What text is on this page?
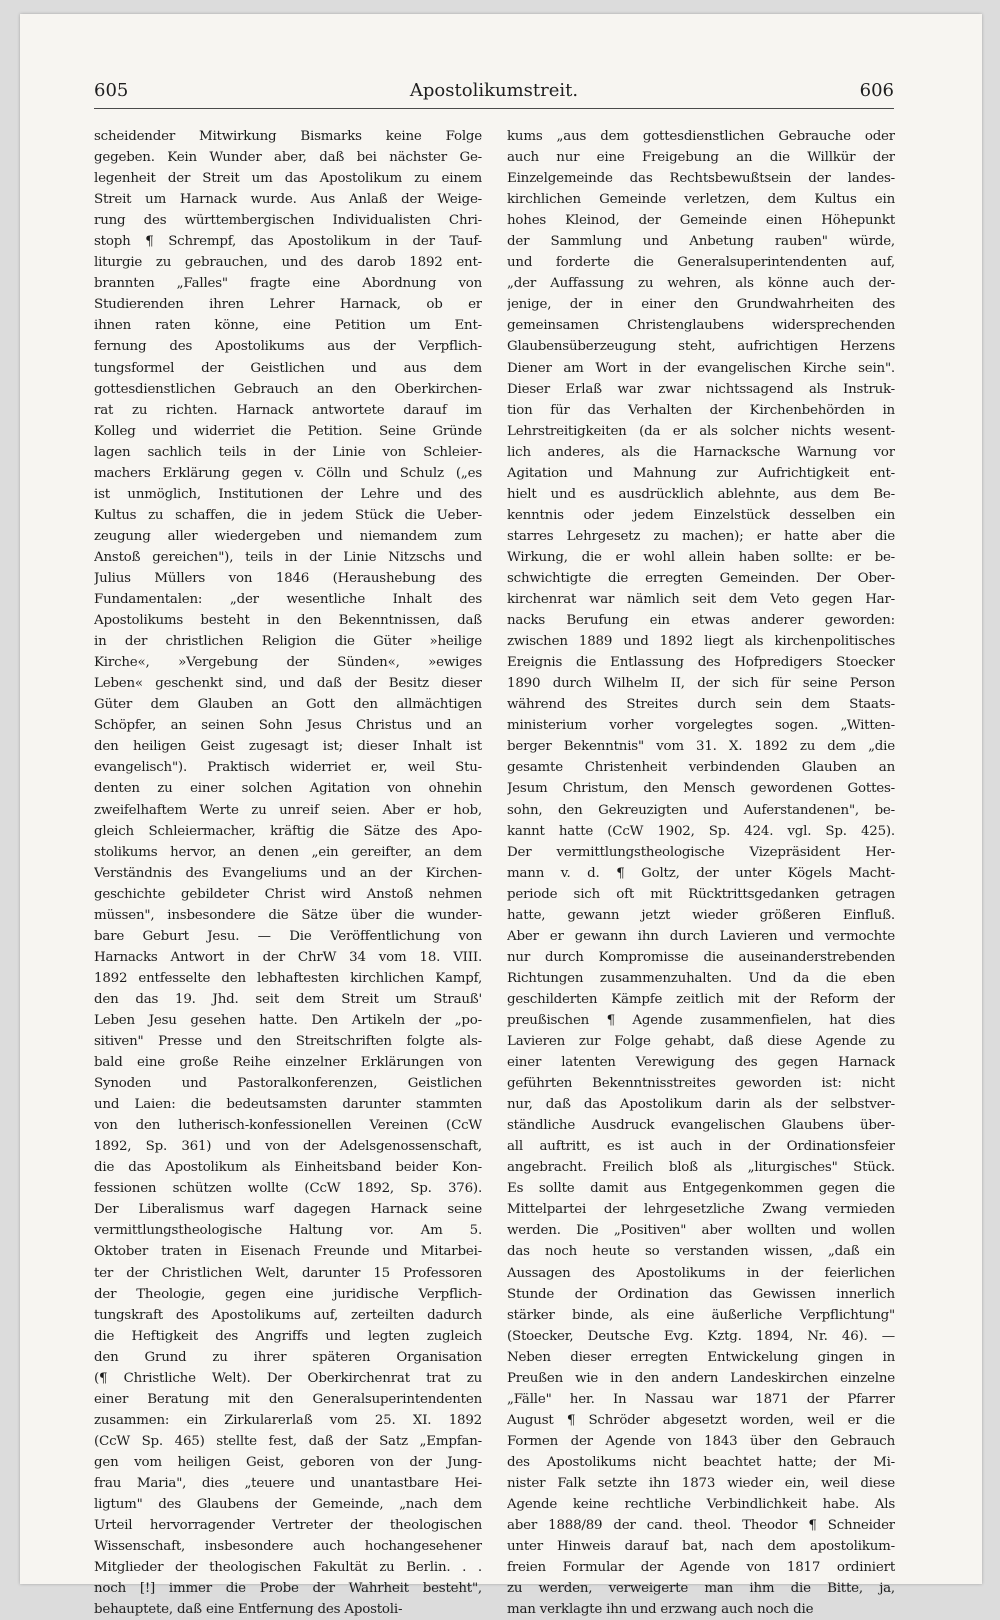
605	Apostolikumstreit.	606
scheidender Mitwirkung Bismarks keine Folge
gegeben. Kein Wunder aber, daß bei nächster Ge-
legenheit der Streit um das Apostolikum zu einem
Streit um Harnack wurde. Aus Anlaß der Weige-
rung des württembergischen Individualisten Chri-
stoph ¶ Schrempf, das Apostolikum in der Tauf-
liturgie zu gebrauchen, und des darob 1892 ent-
brannten „Falles" fragte eine Abordnung von
Studierenden ihren Lehrer Harnack, ob er
ihnen raten könne, eine Petition um Ent-
fernung des Apostolikums aus der Verpflich-
tungsformel der Geistlichen und aus dem
gottesdienstlichen Gebrauch an den Oberkirchen-
rat zu richten. Harnack antwortete darauf im
Kolleg und widerriet die Petition. Seine Gründe
lagen sachlich teils in der Linie von Schleier-
machers Erklärung gegen v. Cölln und Schulz („es
ist unmöglich, Institutionen der Lehre und des
Kultus zu schaffen, die in jedem Stück die Ueber-
zeugung aller wiedergeben und niemandem zum
Anstoß gereichen"), teils in der Linie Nitzschs und
Julius Müllers von 1846 (Heraushebung des
Fundamentalen: „der wesentliche Inhalt des
Apostolikums besteht in den Bekenntnissen, daß
in der christlichen Religion die Güter »heilige
Kirche«, »Vergebung der Sünden«, »ewiges
Leben« geschenkt sind, und daß der Besitz dieser
Güter dem Glauben an Gott den allmächtigen
Schöpfer, an seinen Sohn Jesus Christus und an
den heiligen Geist zugesagt ist; dieser Inhalt ist
evangelisch"). Praktisch widerriet er, weil Stu-
denten zu einer solchen Agitation von ohnehin
zweifelhaftem Werte zu unreif seien. Aber er hob,
gleich Schleiermacher, kräftig die Sätze des Apo-
stolikums hervor, an denen „ein gereifter, an dem
Verständnis des Evangeliums und an der Kirchen-
geschichte gebildeter Christ wird Anstoß nehmen
müssen", insbesondere die Sätze über die wunder-
bare Geburt Jesu. — Die Veröffentlichung von
Harnacks Antwort in der ChrW 34 vom 18. VIII.
1892 entfesselte den lebhaftesten kirchlichen Kampf,
den das 19. Jhd. seit dem Streit um Strauß'
Leben Jesu gesehen hatte. Den Artikeln der „po-
sitiven" Presse und den Streitschriften folgte als-
bald eine große Reihe einzelner Erklärungen von
Synoden und Pastoralkonferenzen, Geistlichen
und Laien: die bedeutsamsten darunter stammten
von den lutherisch-konfessionellen Vereinen (CcW
1892, Sp. 361) und von der Adelsgenossenschaft,
die das Apostolikum als Einheitsband beider Kon-
fessionen schützen wollte (CcW 1892, Sp. 376).
Der Liberalismus warf dagegen Harnack seine
vermittlungstheologische Haltung vor. Am 5.
Oktober traten in Eisenach Freunde und Mitarbei-
ter der Christlichen Welt, darunter 15 Professoren
der Theologie, gegen eine juridische Verpflich-
tungskraft des Apostolikums auf, zerteilten dadurch
die Heftigkeit des Angriffs und legten zugleich
den Grund zu ihrer späteren Organisation
(¶ Christliche Welt). Der Oberkirchenrat trat zu
einer Beratung mit den Generalsuperintendenten
zusammen: ein Zirkularerlaß vom 25. XI. 1892
(CcW Sp. 465) stellte fest, daß der Satz „Empfan-
gen vom heiligen Geist, geboren von der Jung-
frau Maria", dies „teuere und unantastbare Hei-
ligtum" des Glaubens der Gemeinde, „nach dem
Urteil hervorragender Vertreter der theologischen
Wissenschaft, insbesondere auch hochangesehener
Mitglieder der theologischen Fakultät zu Berlin. . .
noch [!] immer die Probe der Wahrheit besteht",
behauptete, daß eine Entfernung des Apostoli-
kums „aus dem gottesdienstlichen Gebrauche oder
auch nur eine Freigebung an die Willkür der
Einzelgemeinde das Rechtsbewußtsein der landes-
kirchlichen Gemeinde verletzen, dem Kultus ein
hohes Kleinod, der Gemeinde einen Höhepunkt
der Sammlung und Anbetung rauben" würde,
und forderte die Generalsuperintendenten auf,
„der Auffassung zu wehren, als könne auch der-
jenige, der in einer den Grundwahrheiten des
gemeinsamen Christenglaubens widersprechenden
Glaubensüberzeugung steht, aufrichtigen Herzens
Diener am Wort in der evangelischen Kirche sein".
Dieser Erlaß war zwar nichtssagend als Instruk-
tion für das Verhalten der Kirchenbehörden in
Lehrstreitigkeiten (da er als solcher nichts wesent-
lich anderes, als die Harnacksche Warnung vor
Agitation und Mahnung zur Aufrichtigkeit ent-
hielt und es ausdrücklich ablehnte, aus dem Be-
kenntnis oder jedem Einzelstück desselben ein
starres Lehrgesetz zu machen); er hatte aber die
Wirkung, die er wohl allein haben sollte: er be-
schwichtigte die erregten Gemeinden. Der Ober-
kirchenrat war nämlich seit dem Veto gegen Har-
nacks Berufung ein etwas anderer geworden:
zwischen 1889 und 1892 liegt als kirchenpolitisches
Ereignis die Entlassung des Hofpredigers Stoecker
1890 durch Wilhelm II, der sich für seine Person
während des Streites durch sein dem Staats-
ministerium vorher vorgelegtes sogen. „Witten-
berger Bekenntnis" vom 31. X. 1892 zu dem „die
gesamte Christenheit verbindenden Glauben an
Jesum Christum, den Mensch gewordenen Gottes-
sohn, den Gekreuzigten und Auferstandenen", be-
kannt hatte (CcW 1902, Sp. 424. vgl. Sp. 425).
Der vermittlungstheologische Vizepräsident Her-
mann v. d. ¶ Goltz, der unter Kögels Macht-
periode sich oft mit Rücktrittsgedanken getragen
hatte, gewann jetzt wieder größeren Einfluß.
Aber er gewann ihn durch Lavieren und vermochte
nur durch Kompromisse die auseinanderstrebenden
Richtungen zusammenzuhalten. Und da die eben
geschilderten Kämpfe zeitlich mit der Reform der
preußischen ¶ Agende zusammenfielen, hat dies
Lavieren zur Folge gehabt, daß diese Agende zu
einer latenten Verewigung des gegen Harnack
geführten Bekenntnisstreites geworden ist: nicht
nur, daß das Apostolikum darin als der selbstver-
ständliche Ausdruck evangelischen Glaubens über-
all auftritt, es ist auch in der Ordinationsfeier
angebracht. Freilich bloß als „liturgisches" Stück.
Es sollte damit aus Entgegenkommen gegen die
Mittelpartei der lehrgesetzliche Zwang vermieden
werden. Die „Positiven" aber wollten und wollen
das noch heute so verstanden wissen, „daß ein
Aussagen des Apostolikums in der feierlichen
Stunde der Ordination das Gewissen innerlich
stärker binde, als eine äußerliche Verpflichtung"
(Stoecker, Deutsche Evg. Kztg. 1894, Nr. 46). —
Neben dieser erregten Entwickelung gingen in
Preußen wie in den andern Landeskirchen einzelne
„Fälle" her. In Nassau war 1871 der Pfarrer
August ¶ Schröder abgesetzt worden, weil er die
Formen der Agende von 1843 über den Gebrauch
des Apostolikums nicht beachtet hatte; der Mi-
nister Falk setzte ihn 1873 wieder ein, weil diese
Agende keine rechtliche Verbindlichkeit habe. Als
aber 1888/89 der cand. theol. Theodor ¶ Schneider
unter Hinweis darauf bat, nach dem apostolikum-
freien Formular der Agende von 1817 ordiniert
zu werden, verweigerte man ihm die Bitte, ja,
man verklagte ihn und erzwang auch noch die
